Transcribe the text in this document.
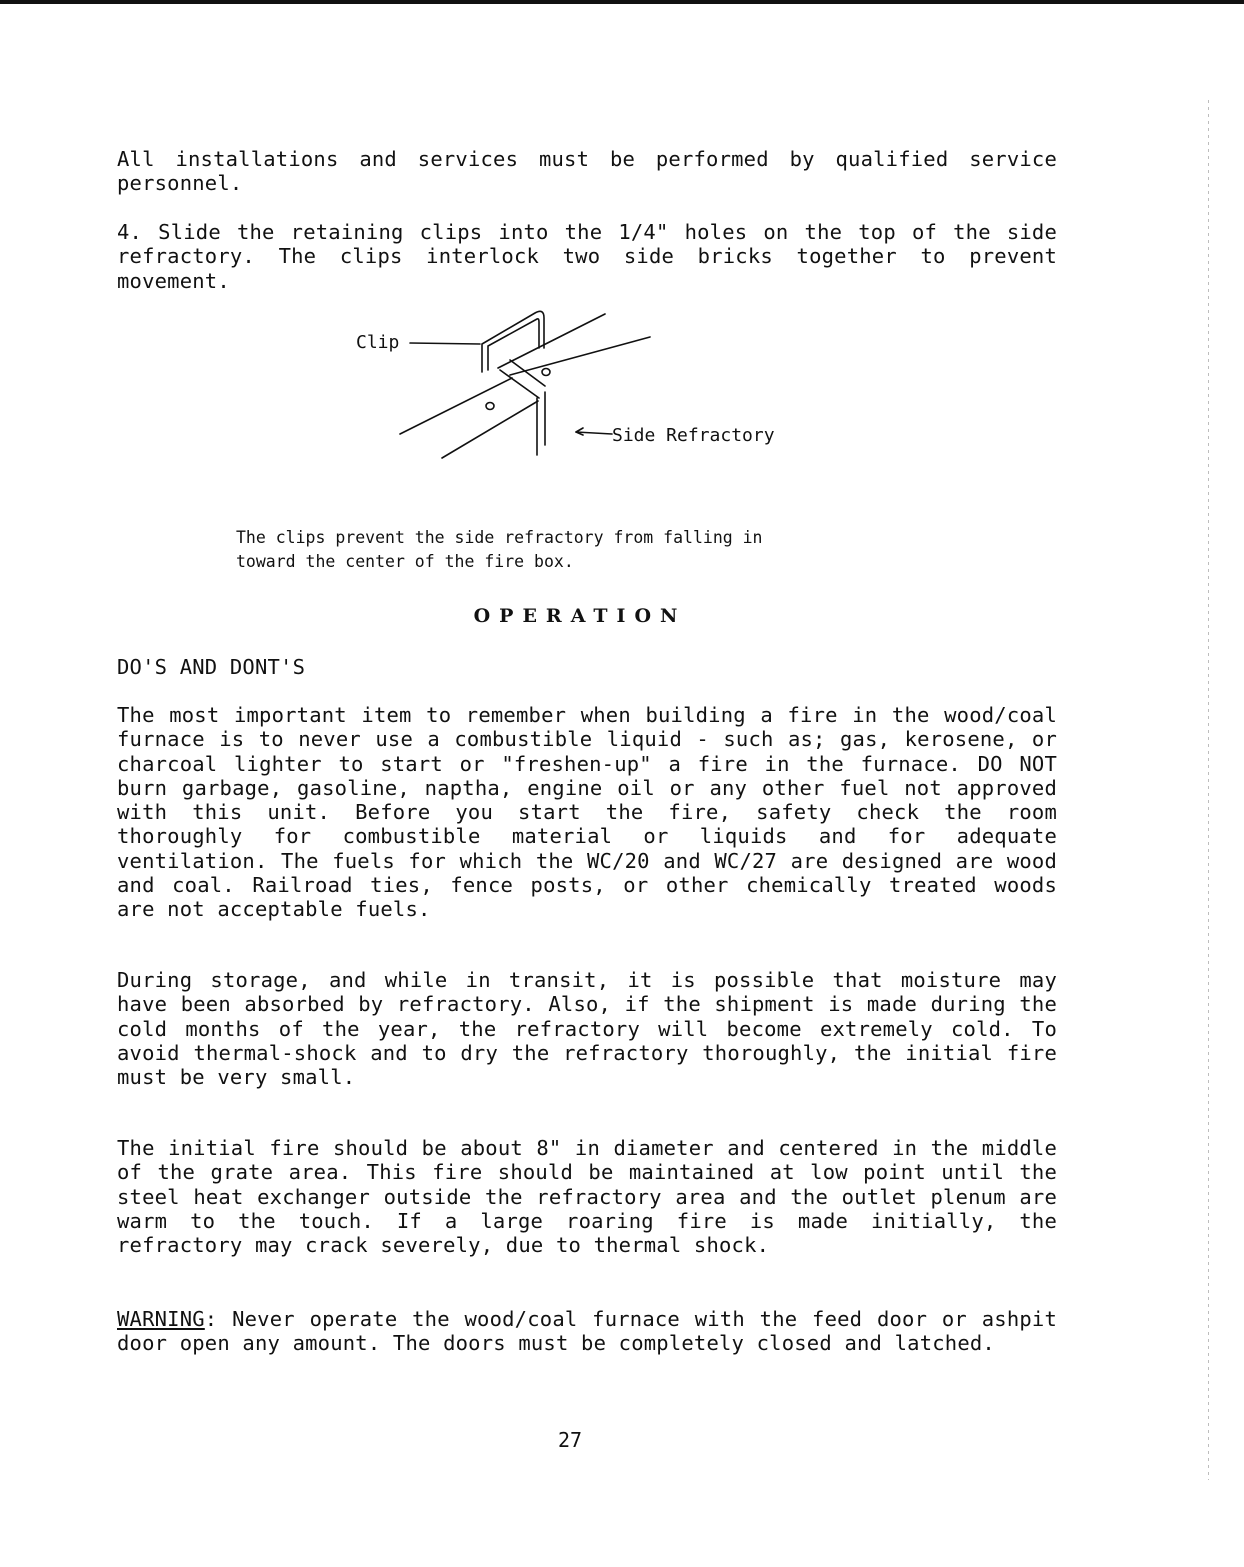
All installations and services must be performed by qualified service personnel.

4. Slide the retaining clips into the 1/4" holes on the top of the side refractory. The clips interlock two side bricks together to prevent movement.

Clip
Side Refractory
The clips prevent the side refractory from falling in
toward the center of the fire box.
OPERATION

DO'S AND DONT'S

The most important item to remember when building a fire in the wood/coal furnace is to never use a combustible liquid - such as; gas, kerosene, or charcoal lighter to start or "freshen-up" a fire in the furnace. DO NOT burn garbage, gasoline, naptha, engine oil or any other fuel not approved with this unit. Before you start the fire, safety check the room thoroughly for combustible material or liquids and for adequate ventilation. The fuels for which the WC/20 and WC/27 are designed are wood and coal. Railroad ties, fence posts, or other chemically treated woods are not acceptable fuels.

During storage, and while in transit, it is possible that moisture may have been absorbed by refractory. Also, if the shipment is made during the cold months of the year, the refractory will become extremely cold. To avoid thermal-shock and to dry the refractory thoroughly, the initial fire must be very small.

The initial fire should be about 8" in diameter and centered in the middle of the grate area. This fire should be maintained at low point until the steel heat exchanger outside the refractory area and the outlet plenum are warm to the touch. If a large roaring fire is made initially, the refractory may crack severely, due to thermal shock.

WARNING: Never operate the wood/coal furnace with the feed door or ashpit door open any amount. The doors must be completely closed and latched.

27
